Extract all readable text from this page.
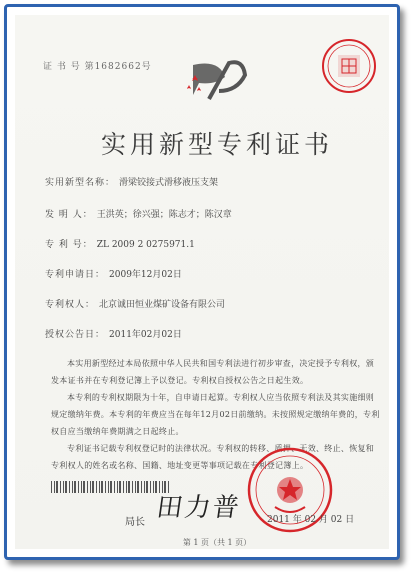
证 书 号 第1682662号
实用新型专利证书
实用新型名称： 滑梁铰接式滑移液压支架
发 明 人： 王洪英；徐兴强；陈志才；陈汉章
专 利 号： ZL 2009 2 0275971.1
专利申请日： 2009年12月02日
专利权人： 北京诚田恒业煤矿设备有限公司
授权公告日： 2011年02月02日
本实用新型经过本局依照中华人民共和国专利法进行初步审查，决定授予专利权，颁发本证书并在专利登记簿上予以登记。专利权自授权公告之日起生效。
本专利的专利权期限为十年，自申请日起算。专利权人应当依照专利法及其实施细则规定缴纳年费。本专利的年费应当在每年12月02日前缴纳。未按照规定缴纳年费的，专利权自应当缴纳年费期满之日起终止。
专利证书记载专利权登记时的法律状况。专利权的转移、质押、无效、终止、恢复和专利权人的姓名或名称、国籍、地址变更等事项记载在专利登记簿上。
局长 田力普	2011 年 02 月 02 日
第 1 页（共 1 页）
